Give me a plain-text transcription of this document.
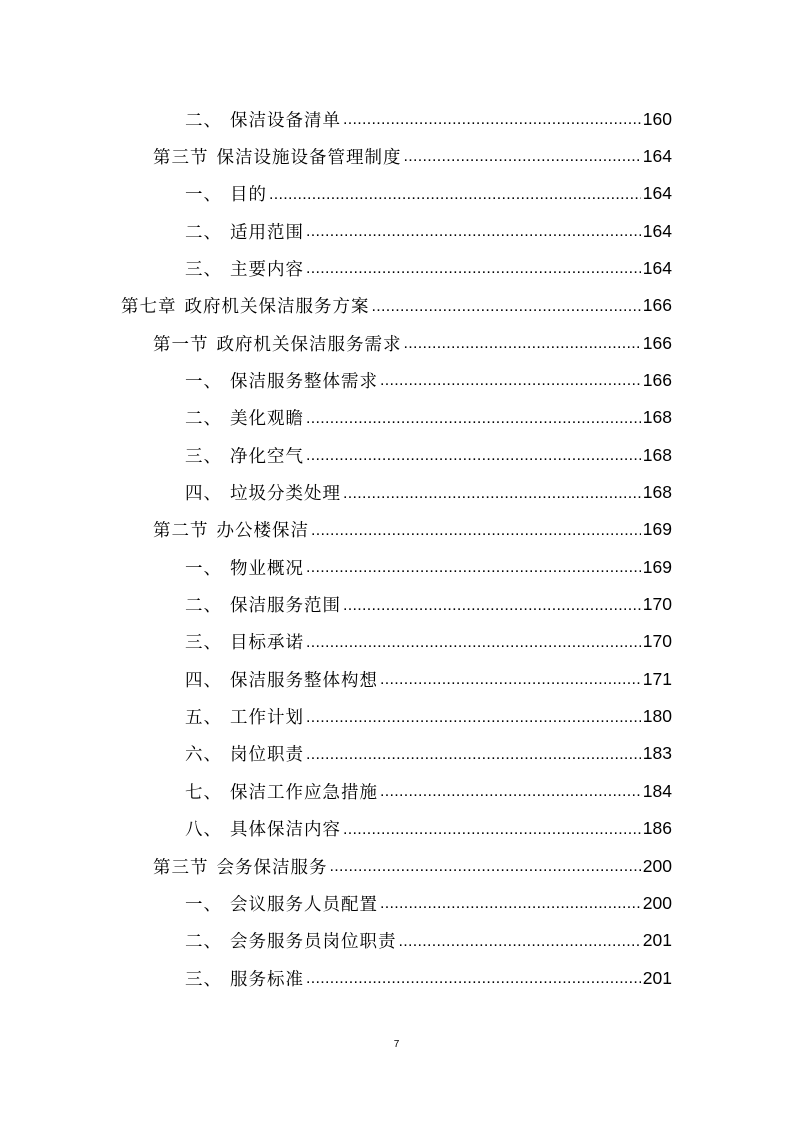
二、 保洁设备清单 .....	160
第三节 保洁设施设备管理制度 .....	164
一、 目的 .....	164
二、 适用范围 .....	164
三、 主要内容 .....	164
第七章 政府机关保洁服务方案 .....	166
第一节 政府机关保洁服务需求 .....	166
一、 保洁服务整体需求 .....	166
二、 美化观瞻 .....	168
三、 净化空气 .....	168
四、 垃圾分类处理 .....	168
第二节 办公楼保洁 .....	169
一、 物业概况 .....	169
二、 保洁服务范围 .....	170
三、 目标承诺 .....	170
四、 保洁服务整体构想 .....	171
五、 工作计划 .....	180
六、 岗位职责 .....	183
七、 保洁工作应急措施 .....	184
八、 具体保洁内容 .....	186
第三节 会务保洁服务 .....	200
一、 会议服务人员配置 .....	200
二、 会务服务员岗位职责 .....	201
三、 服务标准 .....	201
7
